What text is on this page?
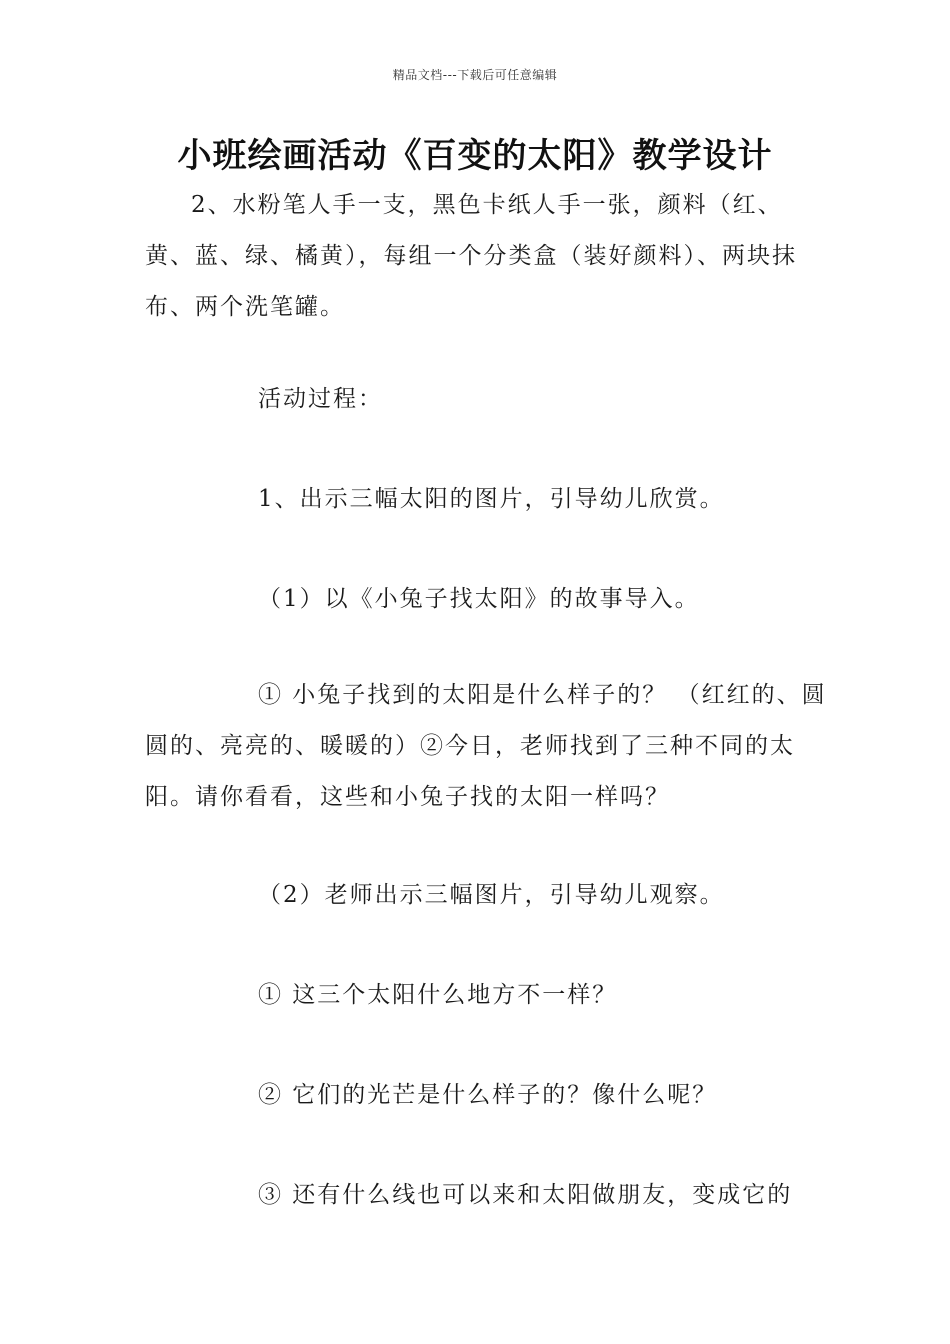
精品文档---下载后可任意编辑
小班绘画活动《百变的太阳》教学设计

2、水粉笔人手一支，黑色卡纸人手一张，颜料（红、黄、蓝、绿、橘黄），每组一个分类盒（装好颜料）、两块抹布、两个洗笔罐。

活动过程：

1、出示三幅太阳的图片，引导幼儿欣赏。

（1）以《小兔子找太阳》的故事导入。

① 小兔子找到的太阳是什么样子的？ （红红的、圆圆的、亮亮的、暖暖的）②今日，老师找到了三种不同的太阳。请你看看，这些和小兔子找的太阳一样吗？

（2）老师出示三幅图片，引导幼儿观察。

① 这三个太阳什么地方不一样？

② 它们的光芒是什么样子的？像什么呢？

③ 还有什么线也可以来和太阳做朋友，变成它的
